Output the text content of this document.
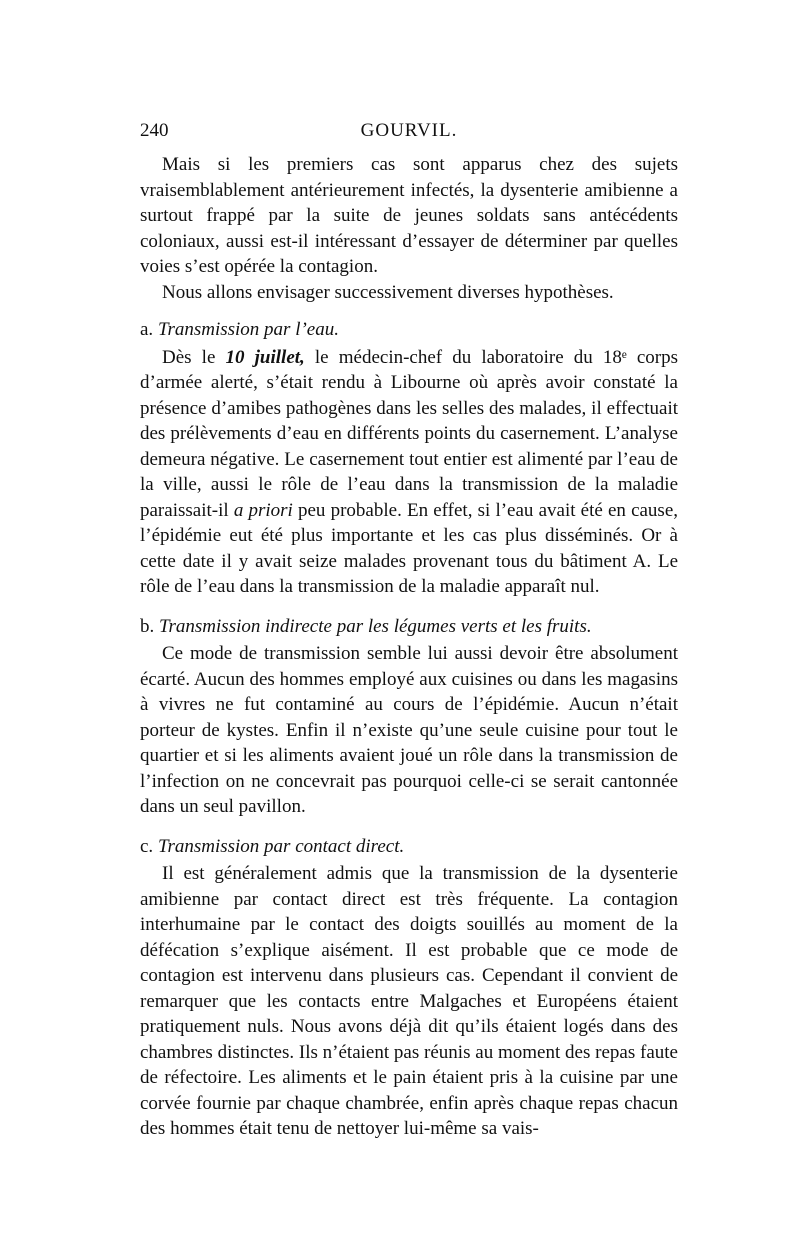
240	GOURVIL.

Mais si les premiers cas sont apparus chez des sujets vraisemblablement antérieurement infectés, la dysenterie amibienne a surtout frappé par la suite de jeunes soldats sans antécédents coloniaux, aussi est-il intéressant d’essayer de déterminer par quelles voies s’est opérée la contagion.

Nous allons envisager successivement diverses hypothèses.

a. Transmission par l’eau.

Dès le 10 juillet, le médecin-chef du laboratoire du 18ᵉ corps d’armée alerté, s’était rendu à Libourne où après avoir constaté la présence d’amibes pathogènes dans les selles des malades, il effectuait des prélèvements d’eau en différents points du casernement. L’analyse demeura négative. Le casernement tout entier est alimenté par l’eau de la ville, aussi le rôle de l’eau dans la transmission de la maladie paraissait-il a priori peu probable. En effet, si l’eau avait été en cause, l’épidémie eut été plus importante et les cas plus disséminés. Or à cette date il y avait seize malades provenant tous du bâtiment A. Le rôle de l’eau dans la transmission de la maladie apparaît nul.

b. Transmission indirecte par les légumes verts et les fruits.

Ce mode de transmission semble lui aussi devoir être absolument écarté. Aucun des hommes employé aux cuisines ou dans les magasins à vivres ne fut contaminé au cours de l’épidémie. Aucun n’était porteur de kystes. Enfin il n’existe qu’une seule cuisine pour tout le quartier et si les aliments avaient joué un rôle dans la transmission de l’infection on ne concevrait pas pourquoi celle-ci se serait cantonnée dans un seul pavillon.

c. Transmission par contact direct.

Il est généralement admis que la transmission de la dysenterie amibienne par contact direct est très fréquente. La contagion interhumaine par le contact des doigts souillés au moment de la défécation s’explique aisément. Il est probable que ce mode de contagion est intervenu dans plusieurs cas. Cependant il convient de remarquer que les contacts entre Malgaches et Européens étaient pratiquement nuls. Nous avons déjà dit qu’ils étaient logés dans des chambres distinctes. Ils n’étaient pas réunis au moment des repas faute de réfectoire. Les aliments et le pain étaient pris à la cuisine par une corvée fournie par chaque chambrée, enfin après chaque repas chacun des hommes était tenu de nettoyer lui-même sa vais-
